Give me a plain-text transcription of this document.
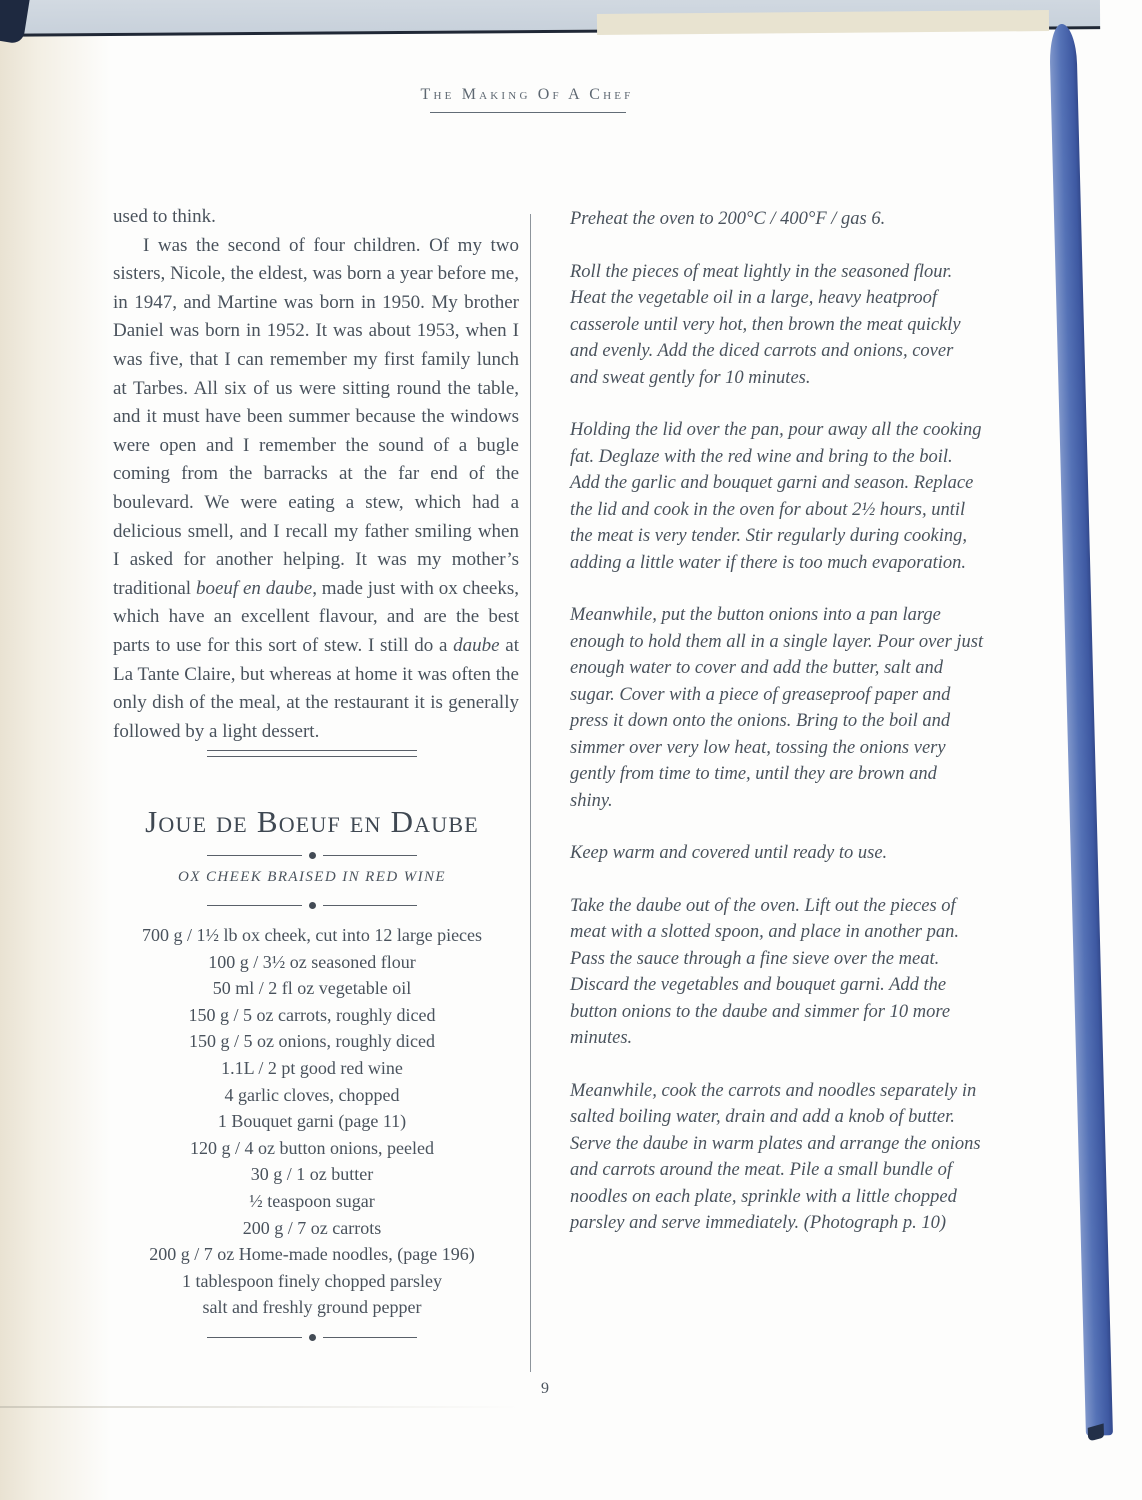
The Making Of A Chef

used to think.

I was the second of four children. Of my two sisters, Nicole, the eldest, was born a year before me, in 1947, and Martine was born in 1950. My brother Daniel was born in 1952. It was about 1953, when I was five, that I can remember my first family lunch at Tarbes. All six of us were sitting round the table, and it must have been summer because the windows were open and I remember the sound of a bugle coming from the barracks at the far end of the boulevard. We were eating a stew, which had a delicious smell, and I recall my father smiling when I asked for another helping. It was my mother’s traditional boeuf en daube, made just with ox cheeks, which have an excellent flavour, and are the best parts to use for this sort of stew. I still do a daube at La Tante Claire, but whereas at home it was often the only dish of the meal, at the restaurant it is generally followed by a light dessert.

Joue de Boeuf en Daube
OX CHEEK BRAISED IN RED WINE
700 g / 1½ lb ox cheek, cut into 12 large pieces
100 g / 3½ oz seasoned flour
50 ml / 2 fl oz vegetable oil
150 g / 5 oz carrots, roughly diced
150 g / 5 oz onions, roughly diced
1.1L / 2 pt good red wine
4 garlic cloves, chopped
1 Bouquet garni (page 11)
120 g / 4 oz button onions, peeled
30 g / 1 oz butter
½ teaspoon sugar
200 g / 7 oz carrots
200 g / 7 oz Home-made noodles, (page 196)
1 tablespoon finely chopped parsley
salt and freshly ground pepper

Preheat the oven to 200°C / 400°F / gas 6.

Roll the pieces of meat lightly in the seasoned flour. Heat the vegetable oil in a large, heavy heatproof casserole until very hot, then brown the meat quickly and evenly. Add the diced carrots and onions, cover and sweat gently for 10 minutes.

Holding the lid over the pan, pour away all the cooking fat. Deglaze with the red wine and bring to the boil. Add the garlic and bouquet garni and season. Replace the lid and cook in the oven for about 2½ hours, until the meat is very tender. Stir regularly during cooking, adding a little water if there is too much evaporation.

Meanwhile, put the button onions into a pan large enough to hold them all in a single layer. Pour over just enough water to cover and add the butter, salt and sugar. Cover with a piece of greaseproof paper and press it down onto the onions. Bring to the boil and simmer over very low heat, tossing the onions very gently from time to time, until they are brown and shiny.

Keep warm and covered until ready to use.

Take the daube out of the oven. Lift out the pieces of meat with a slotted spoon, and place in another pan. Pass the sauce through a fine sieve over the meat. Discard the vegetables and bouquet garni. Add the button onions to the daube and simmer for 10 more minutes.

Meanwhile, cook the carrots and noodles separately in salted boiling water, drain and add a knob of butter. Serve the daube in warm plates and arrange the onions and carrots around the meat. Pile a small bundle of noodles on each plate, sprinkle with a little chopped parsley and serve immediately. (Photograph p. 10)

9
